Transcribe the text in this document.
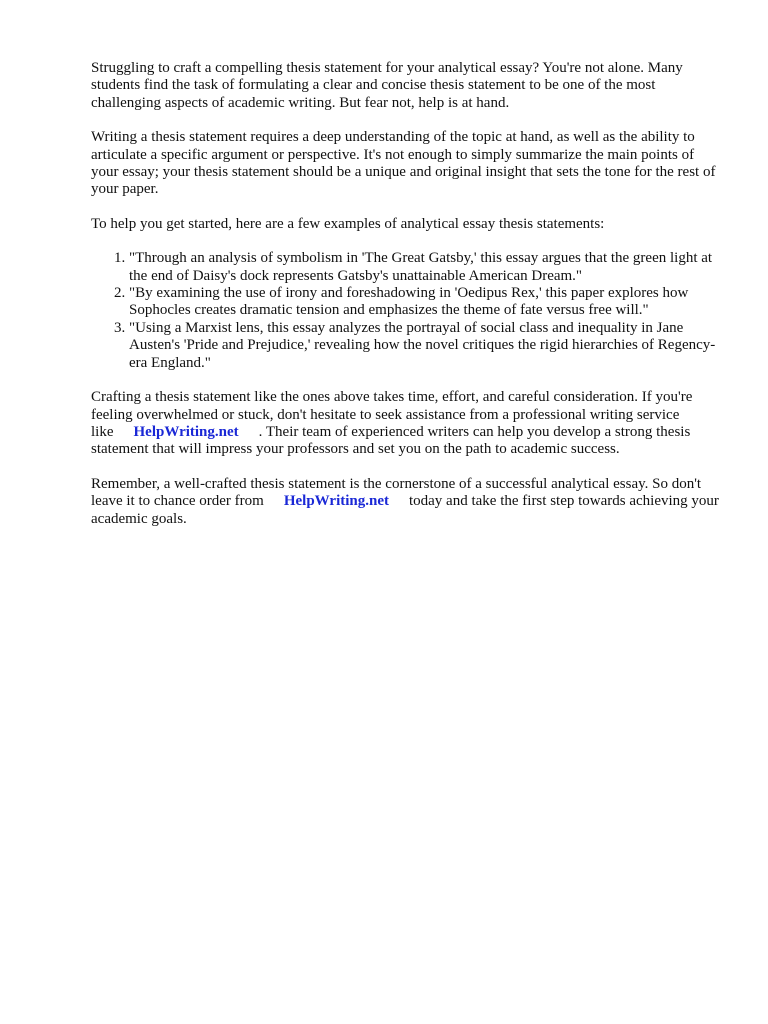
Struggling to craft a compelling thesis statement for your analytical essay? You're not alone. Many students find the task of formulating a clear and concise thesis statement to be one of the most challenging aspects of academic writing. But fear not, help is at hand.

Writing a thesis statement requires a deep understanding of the topic at hand, as well as the ability to articulate a specific argument or perspective. It's not enough to simply summarize the main points of your essay; your thesis statement should be a unique and original insight that sets the tone for the rest of your paper.

To help you get started, here are a few examples of analytical essay thesis statements:

1. "Through an analysis of symbolism in 'The Great Gatsby,' this essay argues that the green light at the end of Daisy's dock represents Gatsby's unattainable American Dream."
2. "By examining the use of irony and foreshadowing in 'Oedipus Rex,' this paper explores how Sophocles creates dramatic tension and emphasizes the theme of fate versus free will."
3. "Using a Marxist lens, this essay analyzes the portrayal of social class and inequality in Jane Austen's 'Pride and Prejudice,' revealing how the novel critiques the rigid hierarchies of Regency-era England."

Crafting a thesis statement like the ones above takes time, effort, and careful consideration. If you're feeling overwhelmed or stuck, don't hesitate to seek assistance from a professional writing service like HelpWriting.net . Their team of experienced writers can help you develop a strong thesis statement that will impress your professors and set you on the path to academic success.

Remember, a well-crafted thesis statement is the cornerstone of a successful analytical essay. So don't leave it to chance order from HelpWriting.net today and take the first step towards achieving your academic goals.
